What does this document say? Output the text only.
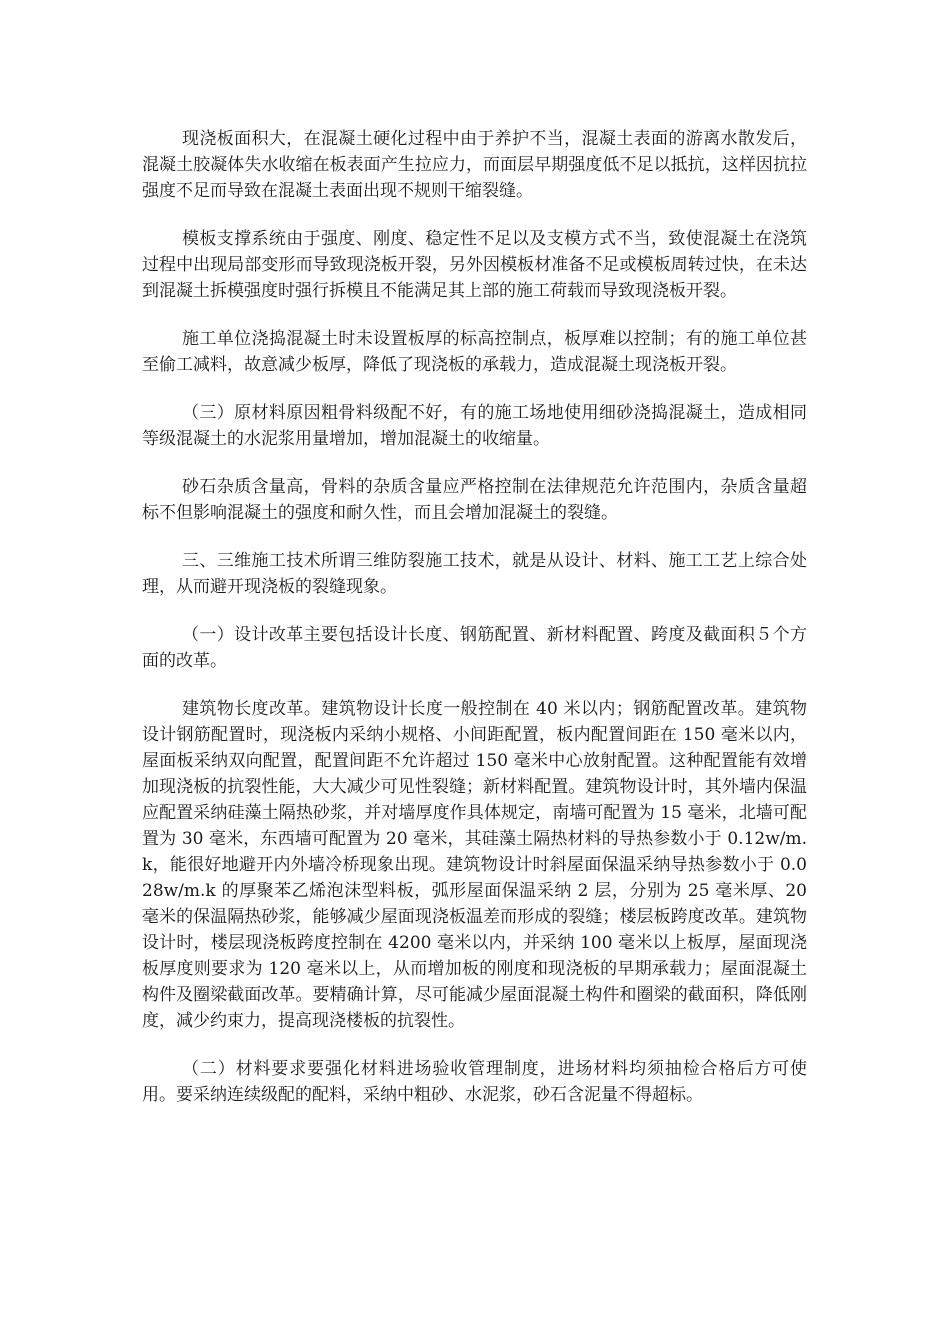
现浇板面积大，在混凝土硬化过程中由于养护不当，混凝土表面的游离水散发后，混凝土胶凝体失水收缩在板表面产生拉应力，而面层早期强度低不足以抵抗，这样因抗拉强度不足而导致在混凝土表面出现不规则干缩裂缝。

模板支撑系统由于强度、刚度、稳定性不足以及支模方式不当，致使混凝土在浇筑过程中出现局部变形而导致现浇板开裂，另外因模板材准备不足或模板周转过快，在未达到混凝土拆模强度时强行拆模且不能满足其上部的施工荷载而导致现浇板开裂。

施工单位浇捣混凝土时未设置板厚的标高控制点，板厚难以控制；有的施工单位甚至偷工减料，故意减少板厚，降低了现浇板的承载力，造成混凝土现浇板开裂。

（三）原材料原因粗骨料级配不好，有的施工场地使用细砂浇捣混凝土，造成相同等级混凝土的水泥浆用量增加，增加混凝土的收缩量。

砂石杂质含量高，骨料的杂质含量应严格控制在法律规范允许范围内，杂质含量超标不但影响混凝土的强度和耐久性，而且会增加混凝土的裂缝。

三、三维施工技术所谓三维防裂施工技术，就是从设计、材料、施工工艺上综合处理，从而避开现浇板的裂缝现象。

（一）设计改革主要包括设计长度、钢筋配置、新材料配置、跨度及截面积５个方面的改革。

建筑物长度改革。建筑物设计长度一般控制在 40 米以内；钢筋配置改革。建筑物设计钢筋配置时，现浇板内采纳小规格、小间距配置，板内配置间距在 150 毫米以内，屋面板采纳双向配置，配置间距不允许超过 150 毫米中心放射配置。这种配置能有效增加现浇板的抗裂性能，大大减少可见性裂缝；新材料配置。建筑物设计时，其外墙内保温应配置采纳硅藻土隔热砂浆，并对墙厚度作具体规定，南墙可配置为 15 毫米，北墙可配置为 30 毫米，东西墙可配置为 20 毫米，其硅藻土隔热材料的导热参数小于 0.12w/m.k，能很好地避开内外墙冷桥现象出现。建筑物设计时斜屋面保温采纳导热参数小于 0.028w/m.k 的厚聚苯乙烯泡沫型料板，弧形屋面保温采纳 2 层，分别为 25 毫米厚、20 毫米的保温隔热砂浆，能够减少屋面现浇板温差而形成的裂缝；楼层板跨度改革。建筑物设计时，楼层现浇板跨度控制在 4200 毫米以内，并采纳 100 毫米以上板厚，屋面现浇板厚度则要求为 120 毫米以上，从而增加板的刚度和现浇板的早期承载力；屋面混凝土构件及圈梁截面改革。要精确计算，尽可能减少屋面混凝土构件和圈梁的截面积，降低刚度，减少约束力，提高现浇楼板的抗裂性。

（二）材料要求要强化材料进场验收管理制度，进场材料均须抽检合格后方可使用。要采纳连续级配的配料，采纳中粗砂、水泥浆，砂石含泥量不得超标。
